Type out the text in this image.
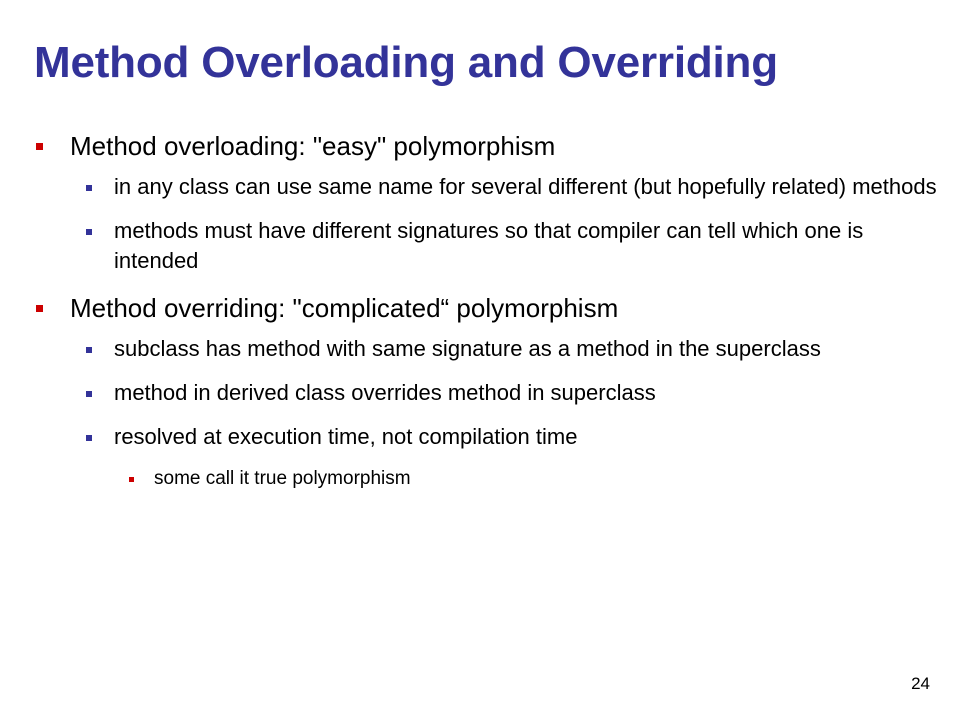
Method Overloading and Overriding
Method overloading: "easy" polymorphism
in any class can use same name for several different (but hopefully related) methods
methods must have different signatures so that compiler can tell which one is intended
Method overriding: "complicated“ polymorphism
subclass has method with same signature as a method in the superclass
method in derived class overrides method in superclass
resolved at execution time, not compilation time
some call it true polymorphism
24
